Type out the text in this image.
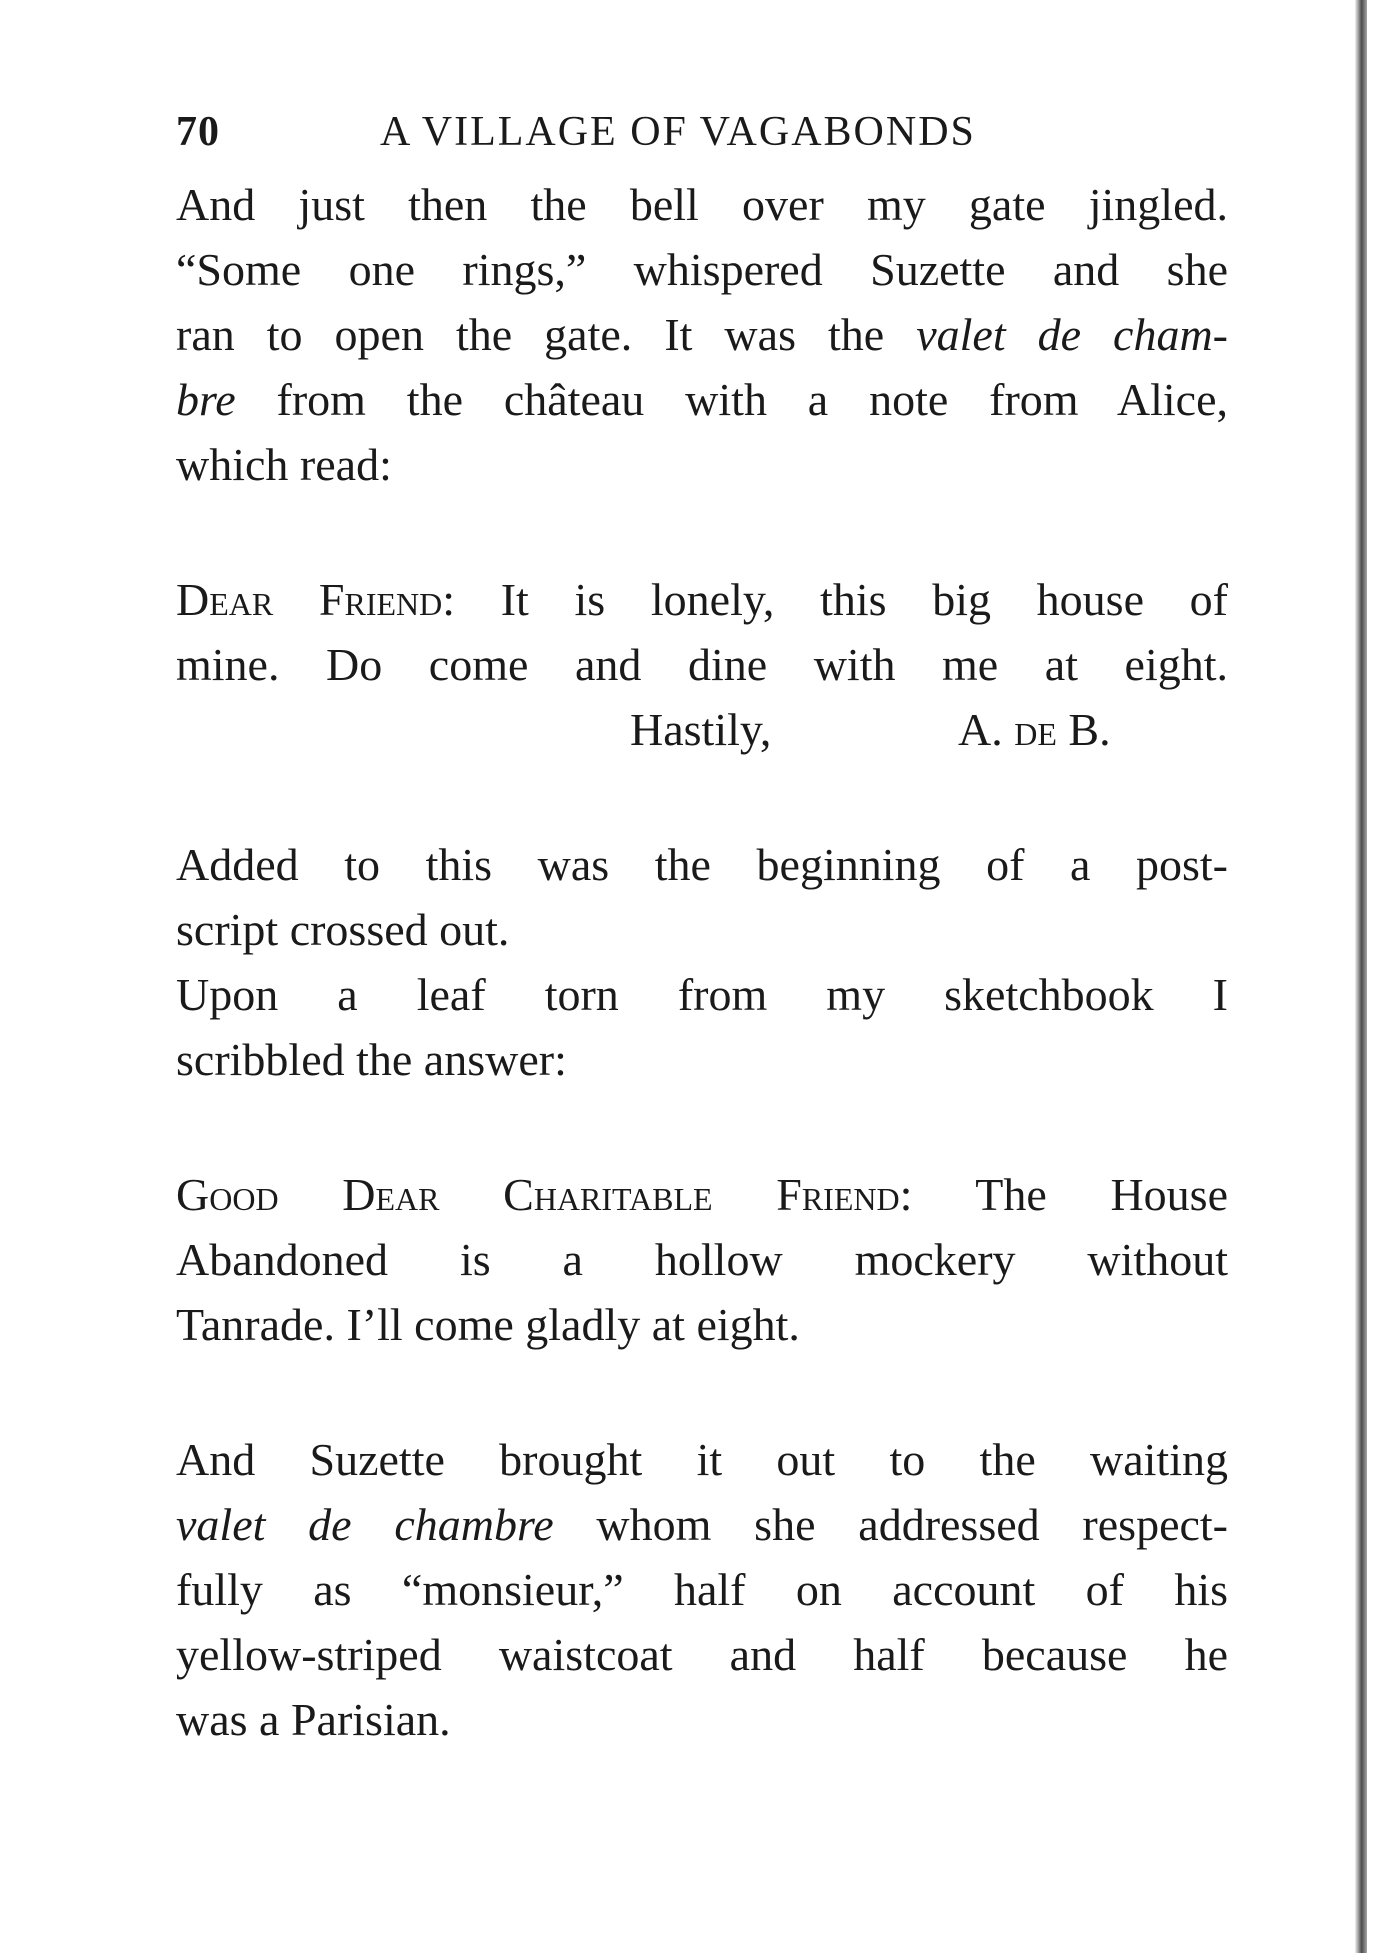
70	A VILLAGE OF VAGABONDS
And just then the bell over my gate jingled.
“Some one rings,” whispered Suzette and she
ran to open the gate. It was the valet de cham-
bre from the château with a note from Alice,
which read:
Dear Friend: It is lonely, this big house of
mine. Do come and dine with me at eight.
Hastily,	A. de B.
Added to this was the beginning of a post-
script crossed out.
Upon a leaf torn from my sketchbook I
scribbled the answer:
Good Dear Charitable Friend: The House
Abandoned is a hollow mockery without
Tanrade. I’ll come gladly at eight.
And Suzette brought it out to the waiting
valet de chambre whom she addressed respect-
fully as “monsieur,” half on account of his
yellow-striped waistcoat and half because he
was a Parisian.
